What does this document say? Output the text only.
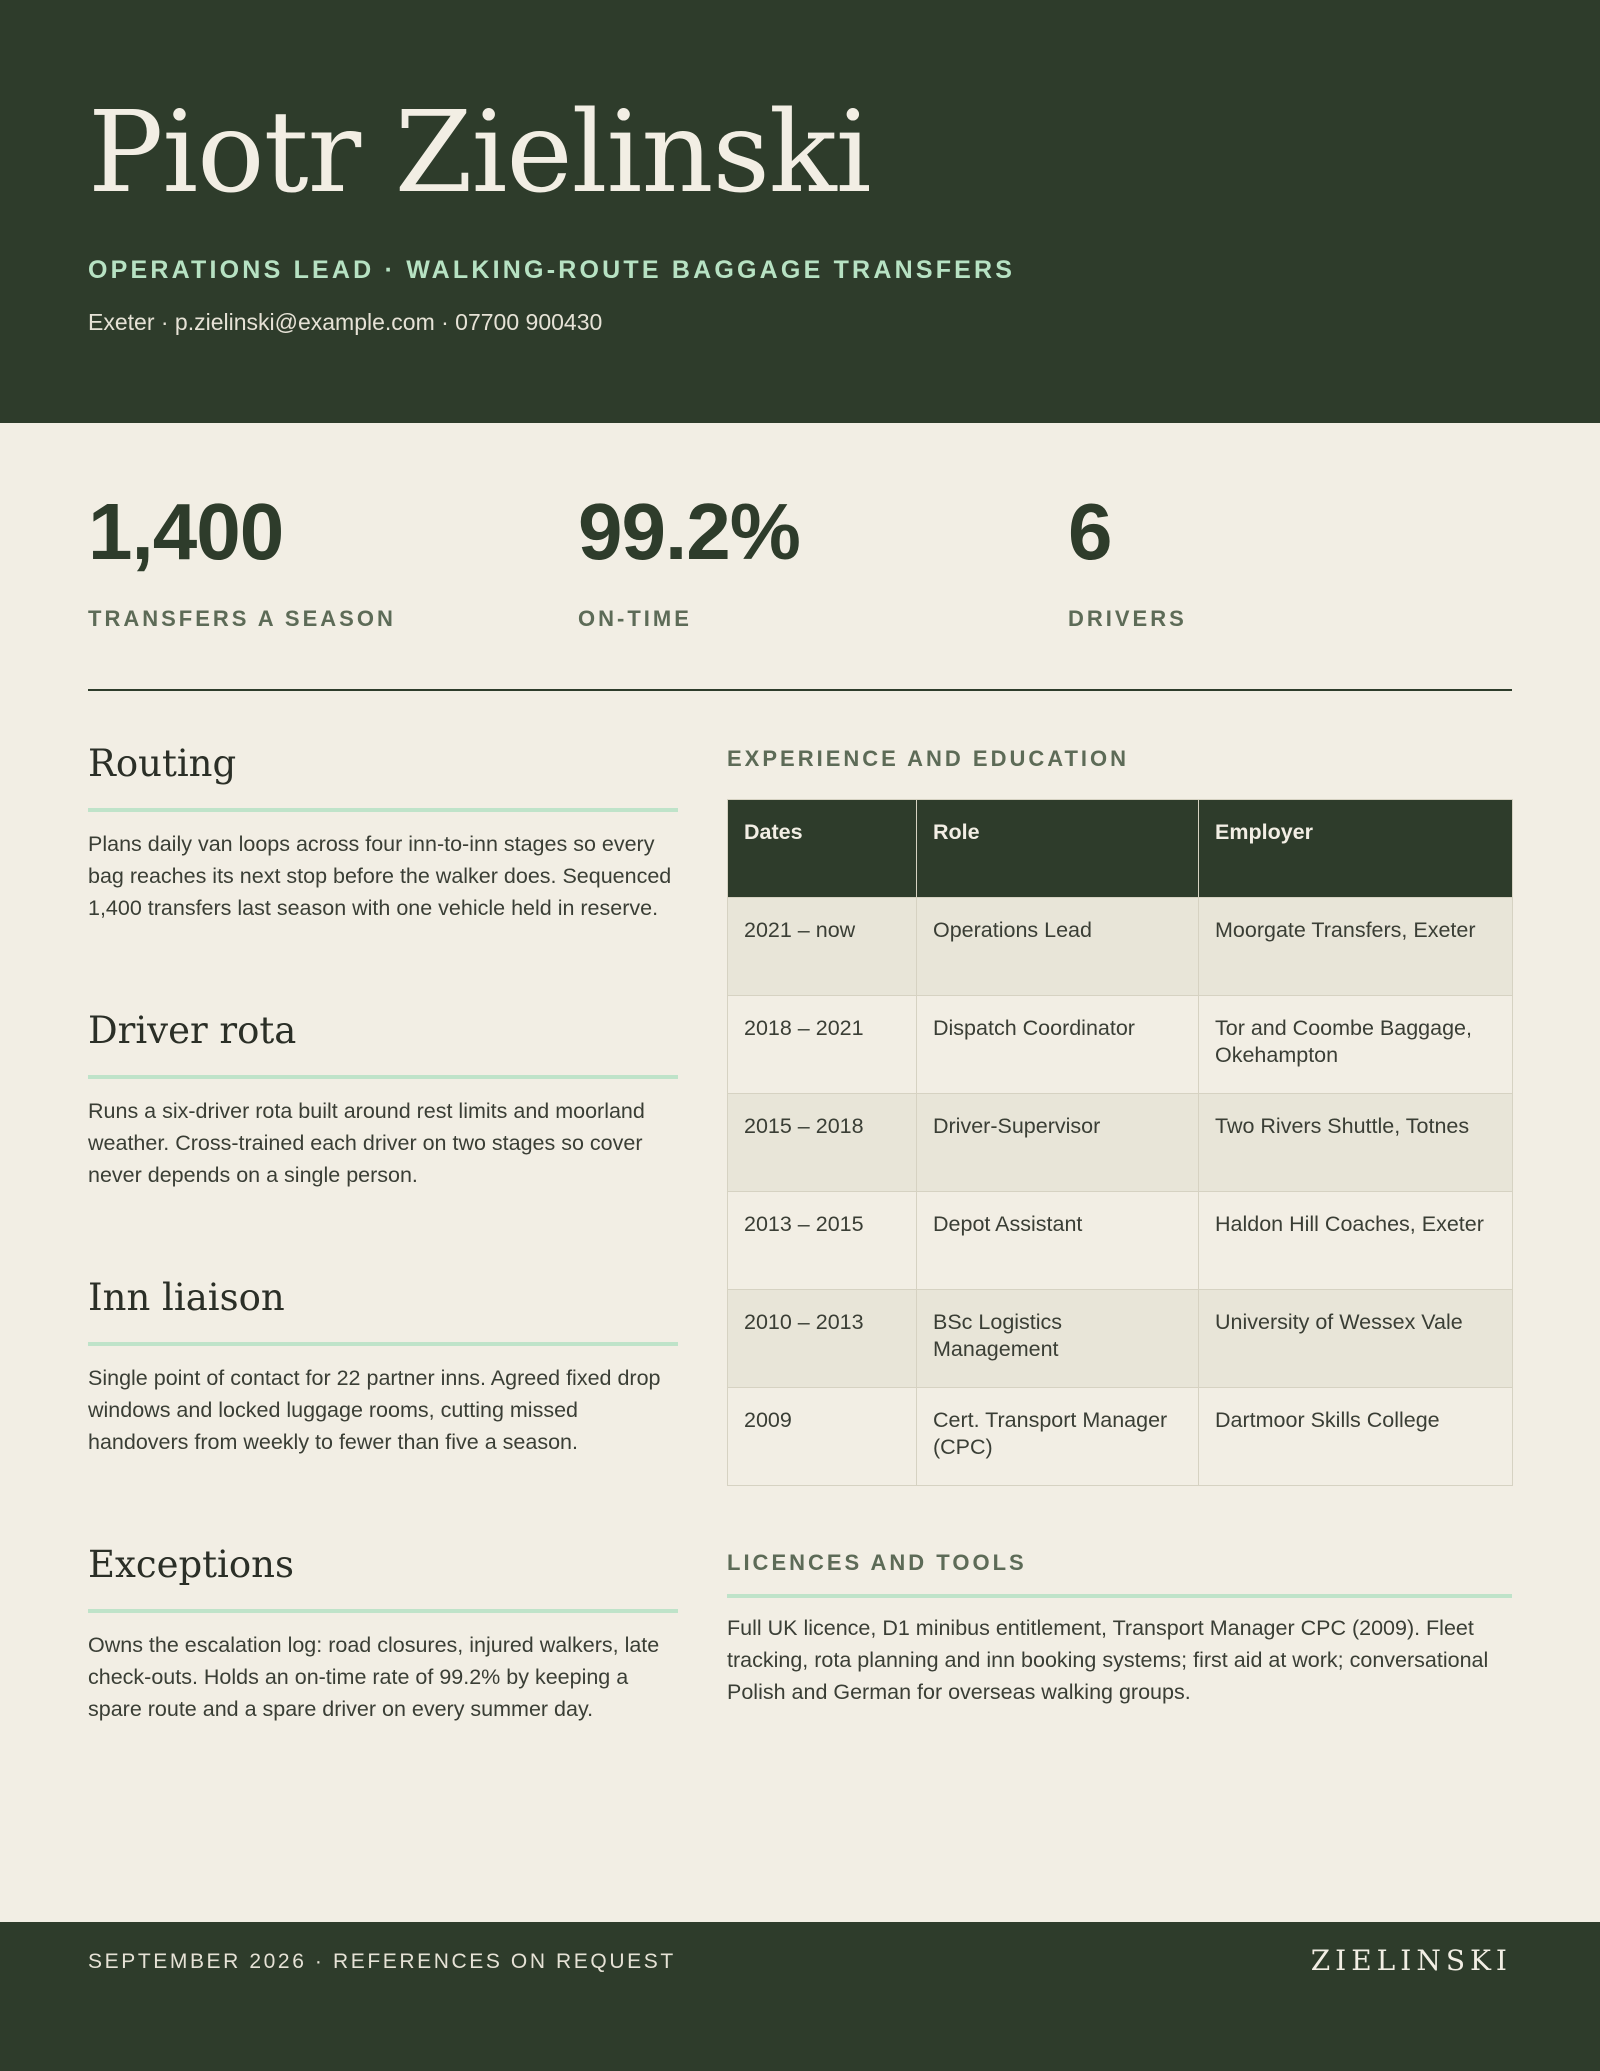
Piotr Zielinski
OPERATIONS LEAD · WALKING-ROUTE BAGGAGE TRANSFERS
Exeter · p.zielinski@example.com · 07700 900430
1,400
TRANSFERS A SEASON
99.2%
ON-TIME
6
DRIVERS
Routing
Plans daily van loops across four inn-to-inn stages so every bag reaches its next stop before the walker does. Sequenced 1,400 transfers last season with one vehicle held in reserve.
Driver rota
Runs a six-driver rota built around rest limits and moorland weather. Cross-trained each driver on two stages so cover never depends on a single person.
Inn liaison
Single point of contact for 22 partner inns. Agreed fixed drop windows and locked luggage rooms, cutting missed handovers from weekly to fewer than five a season.
Exceptions
Owns the escalation log: road closures, injured walkers, late check-outs. Holds an on-time rate of 99.2% by keeping a spare route and a spare driver on every summer day.
EXPERIENCE AND EDUCATION
Dates	Role	Employer
2021 – now	Operations Lead	Moorgate Transfers, Exeter
2018 – 2021	Dispatch Coordinator	Tor and Coombe Baggage, Okehampton
2015 – 2018	Driver-Supervisor	Two Rivers Shuttle, Totnes
2013 – 2015	Depot Assistant	Haldon Hill Coaches, Exeter
2010 – 2013	BSc Logistics Management	University of Wessex Vale
2009	Cert. Transport Manager (CPC)	Dartmoor Skills College
LICENCES AND TOOLS
Full UK licence, D1 minibus entitlement, Transport Manager CPC (2009). Fleet tracking, rota planning and inn booking systems; first aid at work; conversational Polish and German for overseas walking groups.
SEPTEMBER 2026 · REFERENCES ON REQUEST	ZIELINSKI
